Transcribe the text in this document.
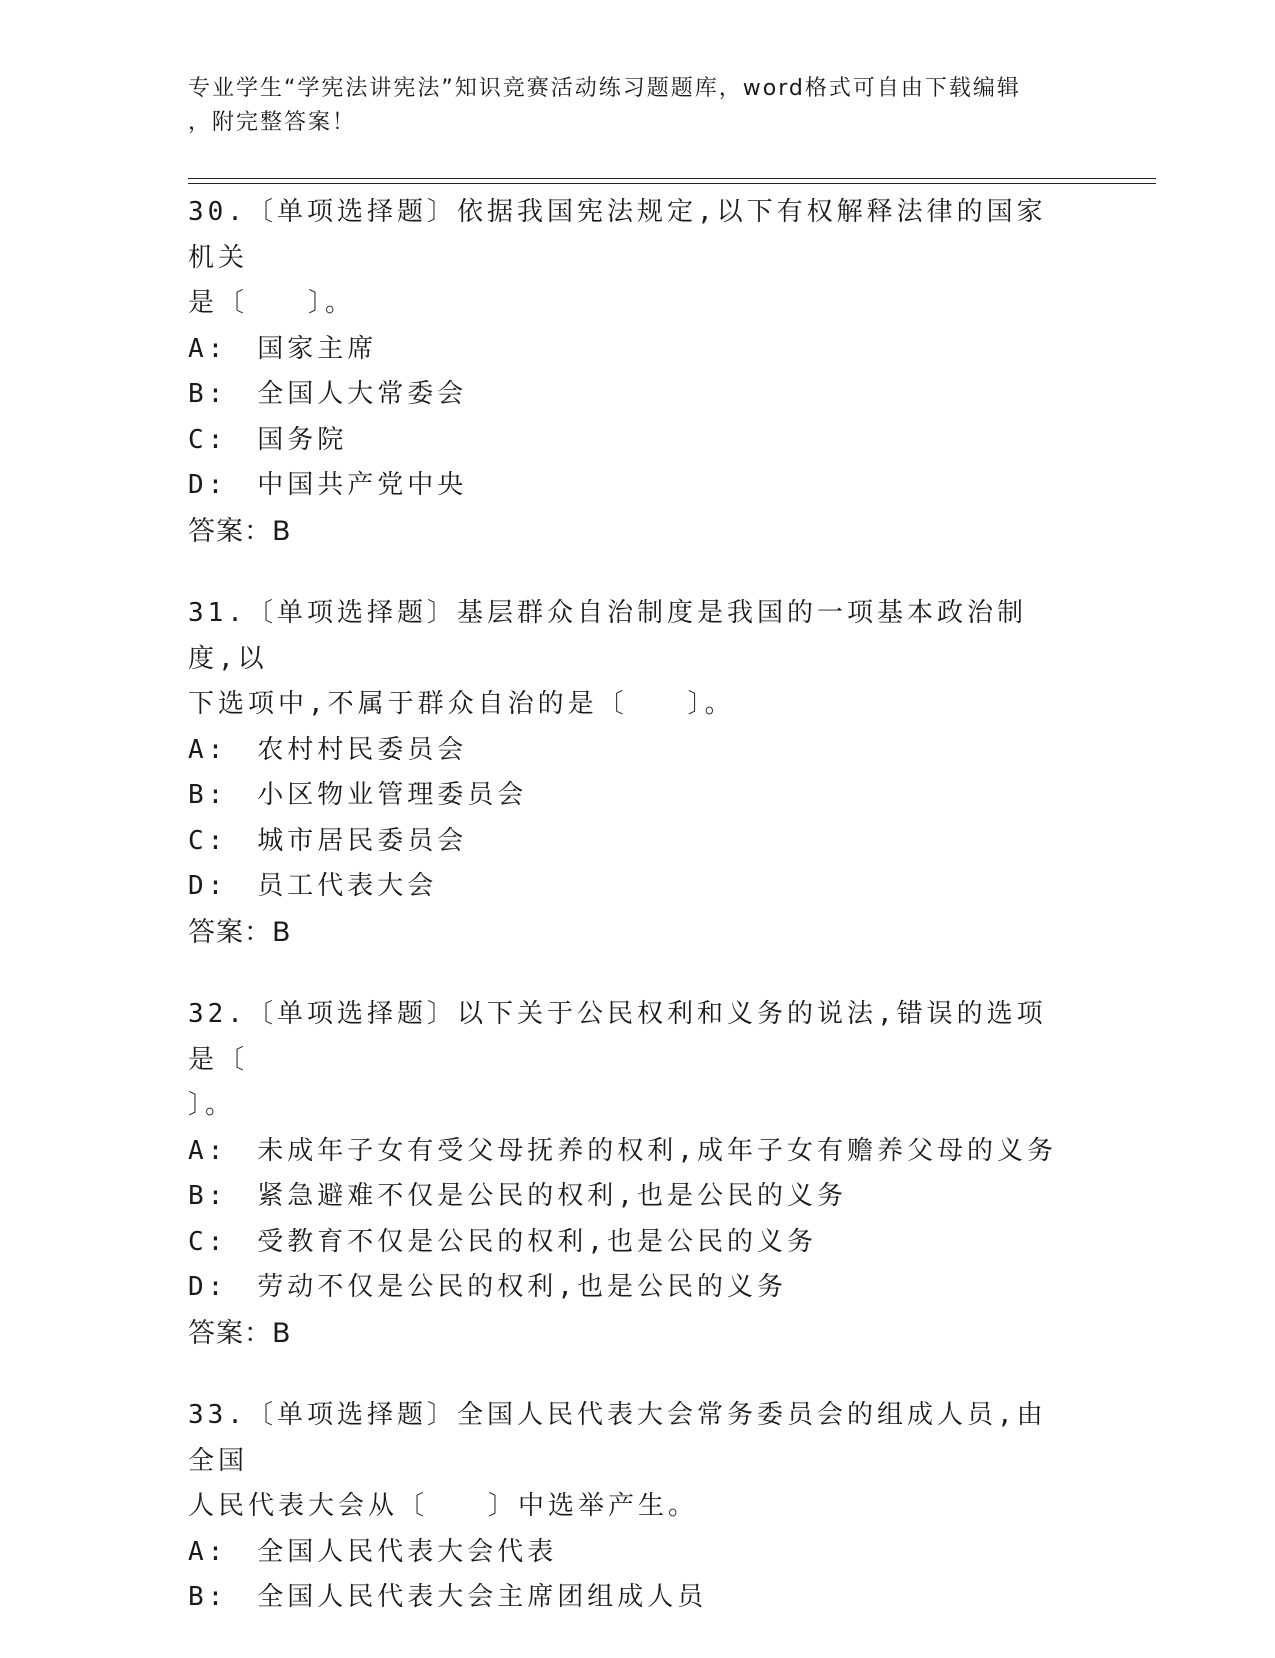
专业学生“学宪法讲宪法”知识竞赛活动练习题题库，word格式可自由下载编辑
，附完整答案！

30.〔单项选择题〕依据我国宪法规定,以下有权解释法律的国家机关

是〔　　〕。

A:　国家主席

B:　全国人大常委会

C:　国务院

D:　中国共产党中央

答案：B

31.〔单项选择题〕基层群众自治制度是我国的一项基本政治制度,以

下选项中,不属于群众自治的是〔　　〕。

A:　农村村民委员会

B:　小区物业管理委员会

C:　城市居民委员会

D:　员工代表大会

答案：B

32.〔单项选择题〕以下关于公民权利和义务的说法,错误的选项是〔

〕。

A:　未成年子女有受父母抚养的权利,成年子女有赡养父母的义务

B:　紧急避难不仅是公民的权利,也是公民的义务

C:　受教育不仅是公民的权利,也是公民的义务

D:　劳动不仅是公民的权利,也是公民的义务

答案：B

33.〔单项选择题〕全国人民代表大会常务委员会的组成人员,由全国

人民代表大会从〔　　〕中选举产生。

A:　全国人民代表大会代表

B:　全国人民代表大会主席团组成人员
